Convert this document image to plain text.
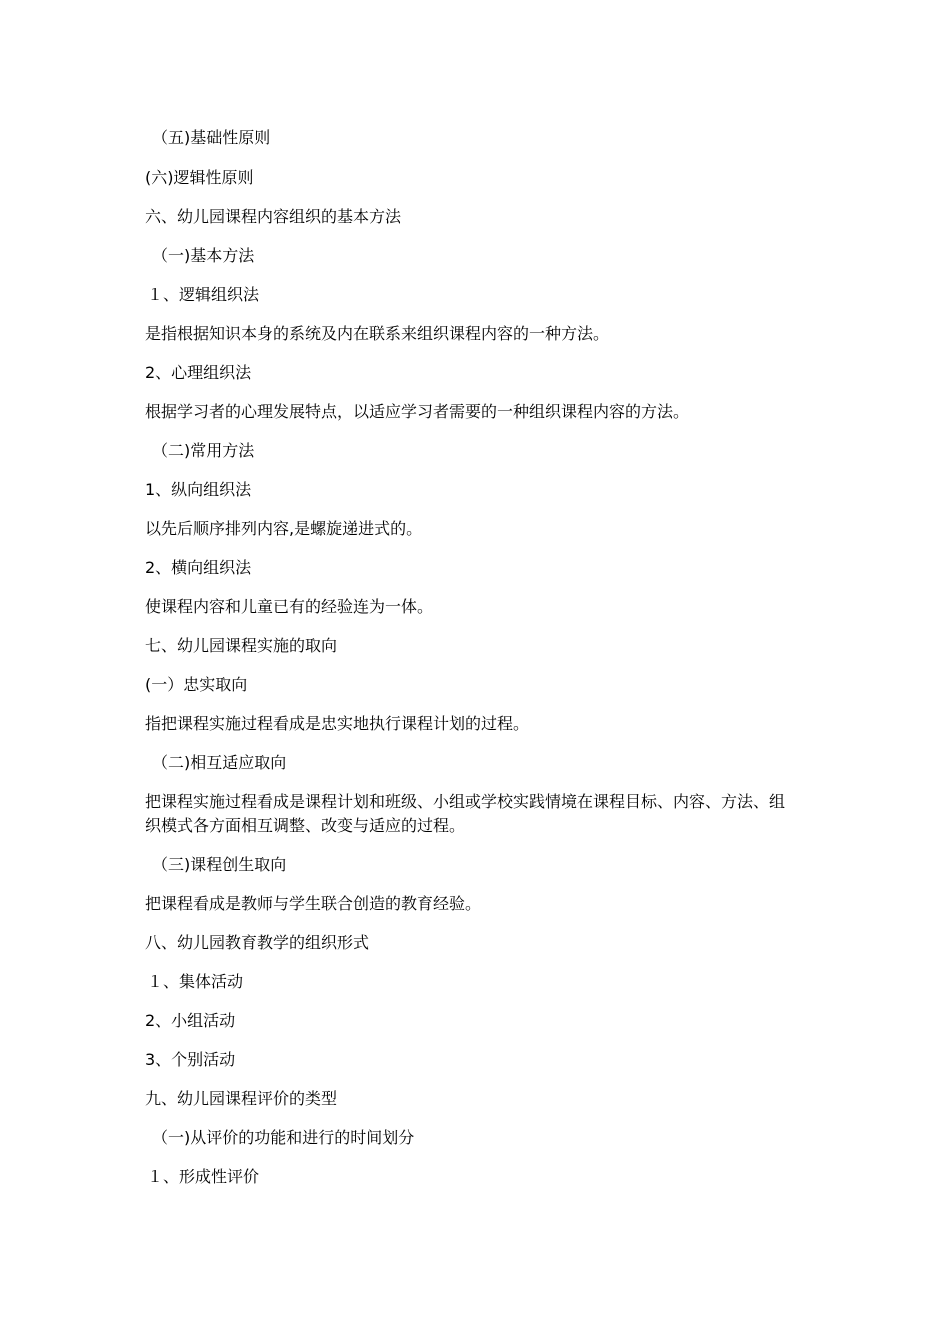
（五)基础性原则
(六)逻辑性原则
六、幼儿园课程内容组织的基本方法
（一)基本方法
１、逻辑组织法
是指根据知识本身的系统及内在联系来组织课程内容的一种方法。
2、心理组织法
根据学习者的心理发展特点，以适应学习者需要的一种组织课程内容的方法。
（二)常用方法
1、纵向组织法
以先后顺序排列内容,是螺旋递进式的。
2、横向组织法
使课程内容和儿童已有的经验连为一体。
七、幼儿园课程实施的取向
(一）忠实取向
指把课程实施过程看成是忠实地执行课程计划的过程。
（二)相互适应取向
把课程实施过程看成是课程计划和班级、小组或学校实践情境在课程目标、内容、方法、组织模式各方面相互调整、改变与适应的过程。
（三)课程创生取向
把课程看成是教师与学生联合创造的教育经验。
八、幼儿园教育教学的组织形式
１、集体活动
2、小组活动
3、个别活动
九、幼儿园课程评价的类型
（一)从评价的功能和进行的时间划分
１、形成性评价
